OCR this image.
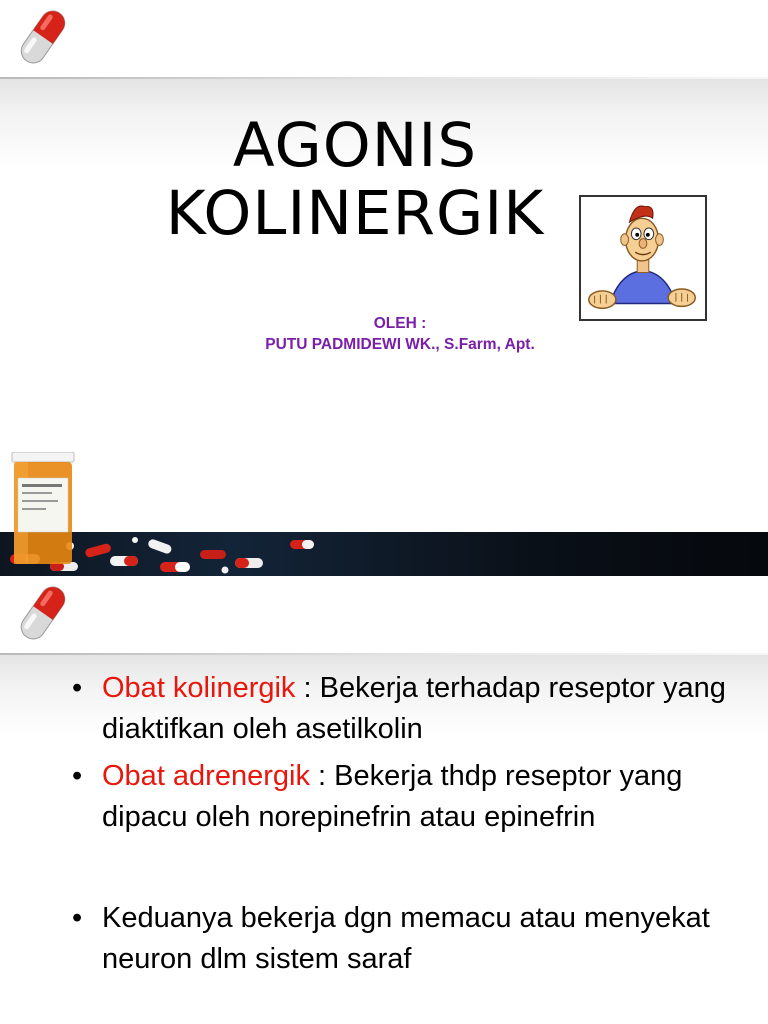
AGONIS
KOLINERGIK
OLEH :
PUTU PADMIDEWI WK., S.Farm, Apt.
• Obat kolinergik : Bekerja terhadap reseptor yang diaktifkan oleh asetilkolin
• Obat adrenergik : Bekerja thdp reseptor yang dipacu oleh norepinefrin atau epinefrin
• Keduanya bekerja dgn memacu atau menyekat neuron dlm sistem saraf
